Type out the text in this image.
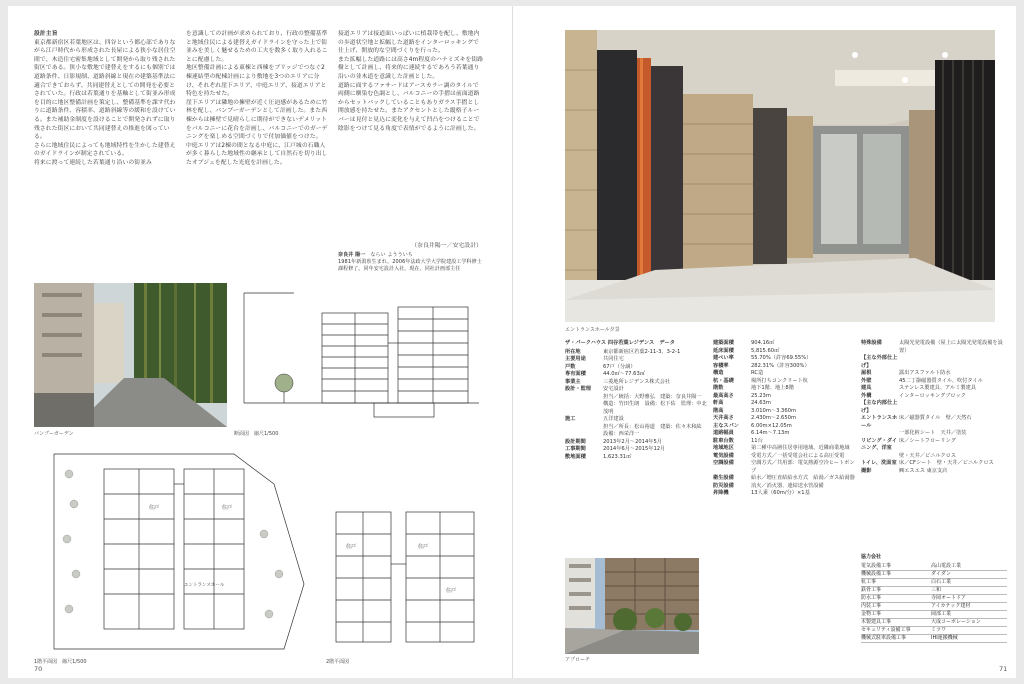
設計主旨
東京都新宿区若葉地区は、四谷という都心部でありながら江戸時代から形成された長屋による狭小な居住空間で、木造住宅密集地域として開発から取り残された街区である。狭小な敷地で建替えをするにも個別では道路条件、日影規制、道路斜線と現在の建築基準法に適合できておらず、共同建替えとしての開発を必要とされていた。行政は若葉通りを基軸として街並み形成を目的に地区整備計画を策定し、整備基準を課す代わりに道路条件、容積率、道路斜線等の緩和を設けている。また補助金制度を設けることで開発されずに取り残された街区において共同建替えの推進を図っている。
さらに地域住民によっても地域特性を生かした建替えのガイドラインが制定されている。
将来に渡って連続した若葉通り沿いの街並み
を意識しての計画が求められており、行政の整備基準と地域住民による建替えガイドラインを守った上で街並みを美しく魅せるための工夫を数多く取り入れることに配慮した。
地区整備計画による東棟と西棟をブリッジでつなぐ2棟連結型の配棟計画により敷地を3つのエリアに分け、それぞれ崖下エリア、中庭エリア、接道エリアと特色を持たせた。
崖下エリアは隣地の擁壁が近く圧迫感があるために竹林を配し、バンブーガーデンとして計画した。また西棟からは擁壁で見晴らしに期待ができないデメリットをバルコニーに花台を計画し、バルコニーでのガーデニングを楽しめる空間づくりで付加価値をつけた。
中庭エリアは2棟の間となる中庭に、江戸城の石職人が多く暮らした地域性の継承として自然石を切り出したオブジェを配した光庭を計画した。
接道エリアは接道面いっぱいに植栽帯を配し、敷地内の歩道状空地と拡幅した道路をインターロッキングで仕上げ、開放的な空間づくりを行った。
また拡幅した道路には高さ4m程度のハナミズキを街路樹として計画し、将来的に連続するであろう若葉通り沿いの並木道を意識した計画とした。
道路に面するファサードはアースカラー調のタイルで両側に馴染む色調とし、バルコニーの手摺は前面道路からセットバックしていることもありガラス手摺とし開放感を持たせた。またアクセントとした縦格子ルーバーは見付と見込に変化を与えて凹凸をつけることで陰影をつけて見る角度で表情がでるように計画した。
（奈良井陽一／安宅設計）
奈良井 陽一　 ならい ようういち
1981年新潟県生まれ。2006年法政大学大学院建設工学科修士課程修了。同年安宅設計入社。現在、同社計画部主任
バンブーガーデン	断面図　縮尺1/500
住戸	住戸
エントランスホール
1階平面図　縮尺1/500
住戸	住戸
住戸
2階平面図
70
エントランスホール夕景
ザ・パークハウス 四谷若葉レジデンス　データ
所在地	東京都新宿区若葉2-11-3、3-2-1
主要用途	共同住宅
戸数	67戸（分譲）
専有面積	44.0㎡〜77.63㎡
事業主	三菱地所レジデンス株式会社
設計・監理	安宅設計
担当／統括：大野雅弘　建築：奈良井陽一
構造：竹田生朗　設備：松下佑　監理：中北茂明
施工	五洋建設
担当／所長：松山裕道　建築：佐々木和紘　設備：西栄洋一
設計期間	2013年2月〜2014年5月
工事期間	2014年6月〜2015年12月
敷地面積	1,623.31㎡
建築面積	904.16㎡
延床面積	5,815.60㎡
建ぺい率	55.70%（許容69.55%）
容積率	282.31%（許容300%）
構造	RC造
杭・基礎	場所打ちコンクリート杭
階数	地下1階、地上8階
最高高さ	25.23m
軒高	24.63m
階高	3.010m〜3.360m
天井高さ	2.430m〜2.650m
主なスパン	6.00m×12.05m
道路幅員	6.14m〜7.13m
駐車台数	11台
地域地区	第二種中高層住居専用地域、近隣商業地域
電気設備	受電方式／一括受電会社による高圧受電
空調設備	空調方式／共用部：電気熱源空冷ヒートポンプ
衛生設備	給水／増圧直結給水方式　給湯／ガス給湯器
防災設備	消火／消火器、連結送水管設備
昇降機	13人乗（60m/分）×1基
特殊設備	太陽光発電設備（屋上に太陽光発電設備を設置）
【主な外部仕上げ】
屋根	露出アスファルト防水
外壁	45二丁掛磁器質タイル、吹付タイル
建具	ステンレス製建具、アルミ製建具
外構	インターロッキングブロック
【主な内部仕上げ】
エントランスホール
床／磁器質タイル　壁／天然石
一部化粧シート　天井／塗装
リビング・ダイニング、洋室
床／シートフローリング
壁・天井／ビニルクロス
トイレ、洗面室 床／CFシート　壁・天井／ビニルクロス
撮影	㈱エスエス 東京支店
アプローチ
協力会社
電気設備工事	高山電設工業
機械設備工事	ダイダン
杭工事	白石工業
鉄骨工事	三和
防水工事	寺岡オートドア
内装工事	アイカテック建材
金物工事	岡部工業
木製建具工事	大成コーポレーション
セキュリティ設備工事	ミツワ
機械式駐車設備工事	IHI運搬機械
71
